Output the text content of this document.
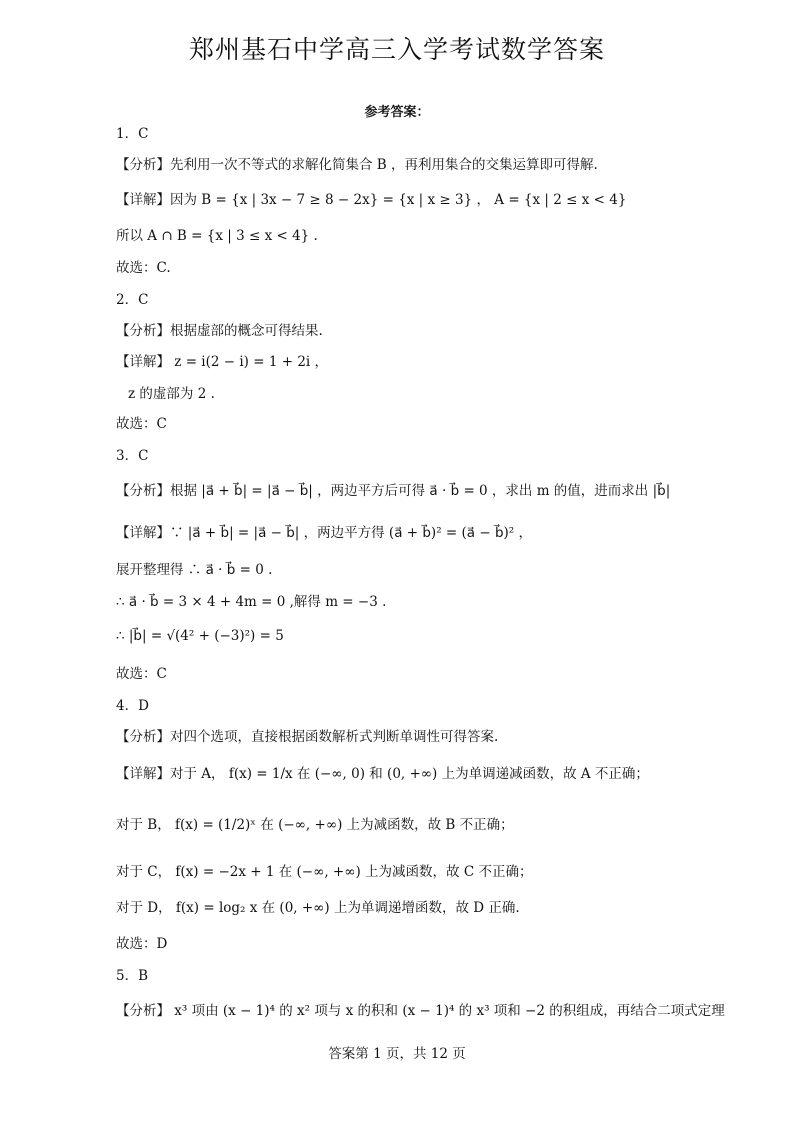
郑州基石中学高三入学考试数学答案
参考答案：
1．C
【分析】先利用一次不等式的求解化简集合 B ，再利用集合的交集运算即可得解.
【详解】因为 B = {x | 3x − 7 ≥ 8 − 2x} = {x | x ≥ 3} ， A = {x | 2 ≤ x < 4}
所以 A ∩ B = {x | 3 ≤ x < 4} .
故选：C.
2．C
【分析】根据虚部的概念可得结果.
【详解】 z = i(2 − i) = 1 + 2i ，
z 的虚部为 2 .
故选：C
3．C
【分析】根据 |a⃗ + b⃗| = |a⃗ − b⃗| ，两边平方后可得 a⃗ · b⃗ = 0 ，求出 m 的值，进而求出 |b⃗|
【详解】∵ |a⃗ + b⃗| = |a⃗ − b⃗| ，两边平方得 (a⃗ + b⃗)² = (a⃗ − b⃗)² ，
展开整理得 ∴ a⃗ · b⃗ = 0 .
∴ a⃗ · b⃗ = 3 × 4 + 4m = 0 ,解得 m = −3 .
∴ |b⃗| = √(4² + (−3)²) = 5
故选：C
4．D
【分析】对四个选项，直接根据函数解析式判断单调性可得答案.
【详解】对于 A， f(x) = 1/x 在 (−∞, 0) 和 (0, +∞) 上为单调递减函数，故 A 不正确；
对于 B， f(x) = (1/2)ˣ 在 (−∞, +∞) 上为减函数，故 B 不正确；
对于 C， f(x) = −2x + 1 在 (−∞, +∞) 上为减函数，故 C 不正确；
对于 D， f(x) = log₂ x 在 (0, +∞) 上为单调递增函数，故 D 正确.
故选：D
5．B
【分析】 x³ 项由 (x − 1)⁴ 的 x² 项与 x 的积和 (x − 1)⁴ 的 x³ 项和 −2 的积组成，再结合二项式定理
答案第 1 页，共 12 页
